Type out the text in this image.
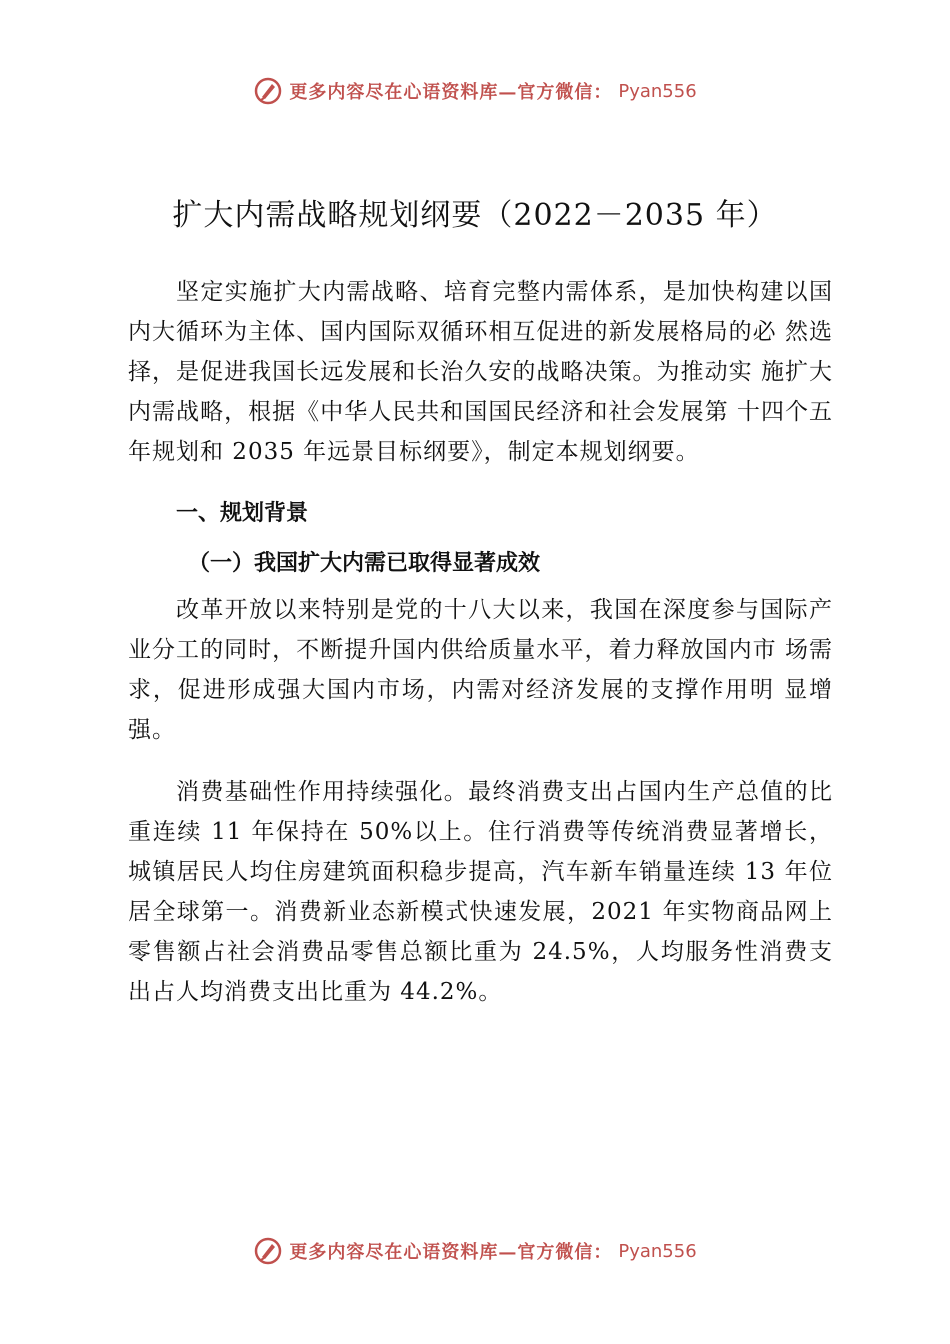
更多内容尽在心语资料库—官方微信： Pyan556
扩大内需战略规划纲要（2022－2035 年）

坚定实施扩大内需战略、培育完整内需体系，是加快构建以国内大循环为主体、国内国际双循环相互促进的新发展格局的必 然选择，是促进我国长远发展和长治久安的战略决策。为推动实 施扩大内需战略，根据《中华人民共和国国民经济和社会发展第 十四个五年规划和 2035 年远景目标纲要》，制定本规划纲要。

一、规划背景
（一）我国扩大内需已取得显著成效

改革开放以来特别是党的十八大以来，我国在深度参与国际产业分工的同时，不断提升国内供给质量水平，着力释放国内市 场需求，促进形成强大国内市场，内需对经济发展的支撑作用明 显增强。

消费基础性作用持续强化。最终消费支出占国内生产总值的比重连续 11 年保持在 50%以上。住行消费等传统消费显著增长， 城镇居民人均住房建筑面积稳步提高，汽车新车销量连续 13 年位居全球第一。消费新业态新模式快速发展，2021 年实物商品网上零售额占社会消费品零售总额比重为 24.5%，人均服务性消费支出占人均消费支出比重为 44.2%。

更多内容尽在心语资料库—官方微信： Pyan556
